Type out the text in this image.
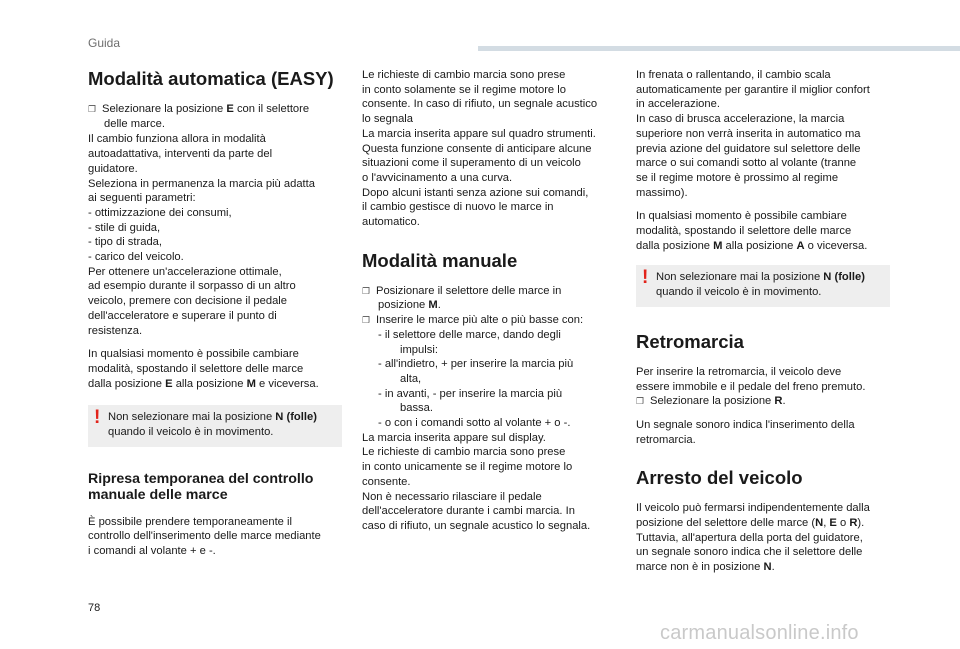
Guida
Modalità automatica (EASY)

❐ Selezionare la posizione E con il selettore
delle marce.

Il cambio funziona allora in modalità
autoadattativa, interventi da parte del
guidatore.
Seleziona in permanenza la marcia più adatta
ai seguenti parametri:
- ottimizzazione dei consumi,
- stile di guida,
- tipo di strada,
- carico del veicolo.
Per ottenere un'accelerazione ottimale,
ad esempio durante il sorpasso di un altro
veicolo, premere con decisione il pedale
dell'acceleratore e superare il punto di
resistenza.

In qualsiasi momento è possibile cambiare
modalità, spostando il selettore delle marce
dalla posizione E alla posizione M e viceversa.

! Non selezionare mai la posizione N (folle)
quando il veicolo è in movimento.
Ripresa temporanea del controllo
manuale delle marce

È possibile prendere temporaneamente il
controllo dell'inserimento delle marce mediante
i comandi al volante + e -.

Le richieste di cambio marcia sono prese
in conto solamente se il regime motore lo
consente. In caso di rifiuto, un segnale acustico
lo segnala
La marcia inserita appare sul quadro strumenti.
Questa funzione consente di anticipare alcune
situazioni come il superamento di un veicolo
o l'avvicinamento a una curva.
Dopo alcuni istanti senza azione sui comandi,
il cambio gestisce di nuovo le marce in
automatico.

Modalità manuale

❐ Posizionare il selettore delle marce in
posizione M.
❐ Inserire le marce più alte o più basse con:
- il selettore delle marce, dando degli
impulsi:
- all'indietro, + per inserire la marcia più
alta,
- in avanti, - per inserire la marcia più
bassa.
- o con i comandi sotto al volante + o -.

La marcia inserita appare sul display.
Le richieste di cambio marcia sono prese
in conto unicamente se il regime motore lo
consente.
Non è necessario rilasciare il pedale
dell'acceleratore durante i cambi marcia. In
caso di rifiuto, un segnale acustico lo segnala.

In frenata o rallentando, il cambio scala
automaticamente per garantire il miglior confort
in accelerazione.
In caso di brusca accelerazione, la marcia
superiore non verrà inserita in automatico ma
previa azione del guidatore sul selettore delle
marce o sui comandi sotto al volante (tranne
se il regime motore è prossimo al regime
massimo).

In qualsiasi momento è possibile cambiare
modalità, spostando il selettore delle marce
dalla posizione M alla posizione A o viceversa.

! Non selezionare mai la posizione N (folle)
quando il veicolo è in movimento.
Retromarcia

Per inserire la retromarcia, il veicolo deve
essere immobile e il pedale del freno premuto.
❐ Selezionare la posizione R.

Un segnale sonoro indica l'inserimento della
retromarcia.

Arresto del veicolo

Il veicolo può fermarsi indipendentemente dalla
posizione del selettore delle marce (N, E o R).
Tuttavia, all'apertura della porta del guidatore,
un segnale sonoro indica che il selettore delle
marce non è in posizione N.

78
carmanualsonline.info
